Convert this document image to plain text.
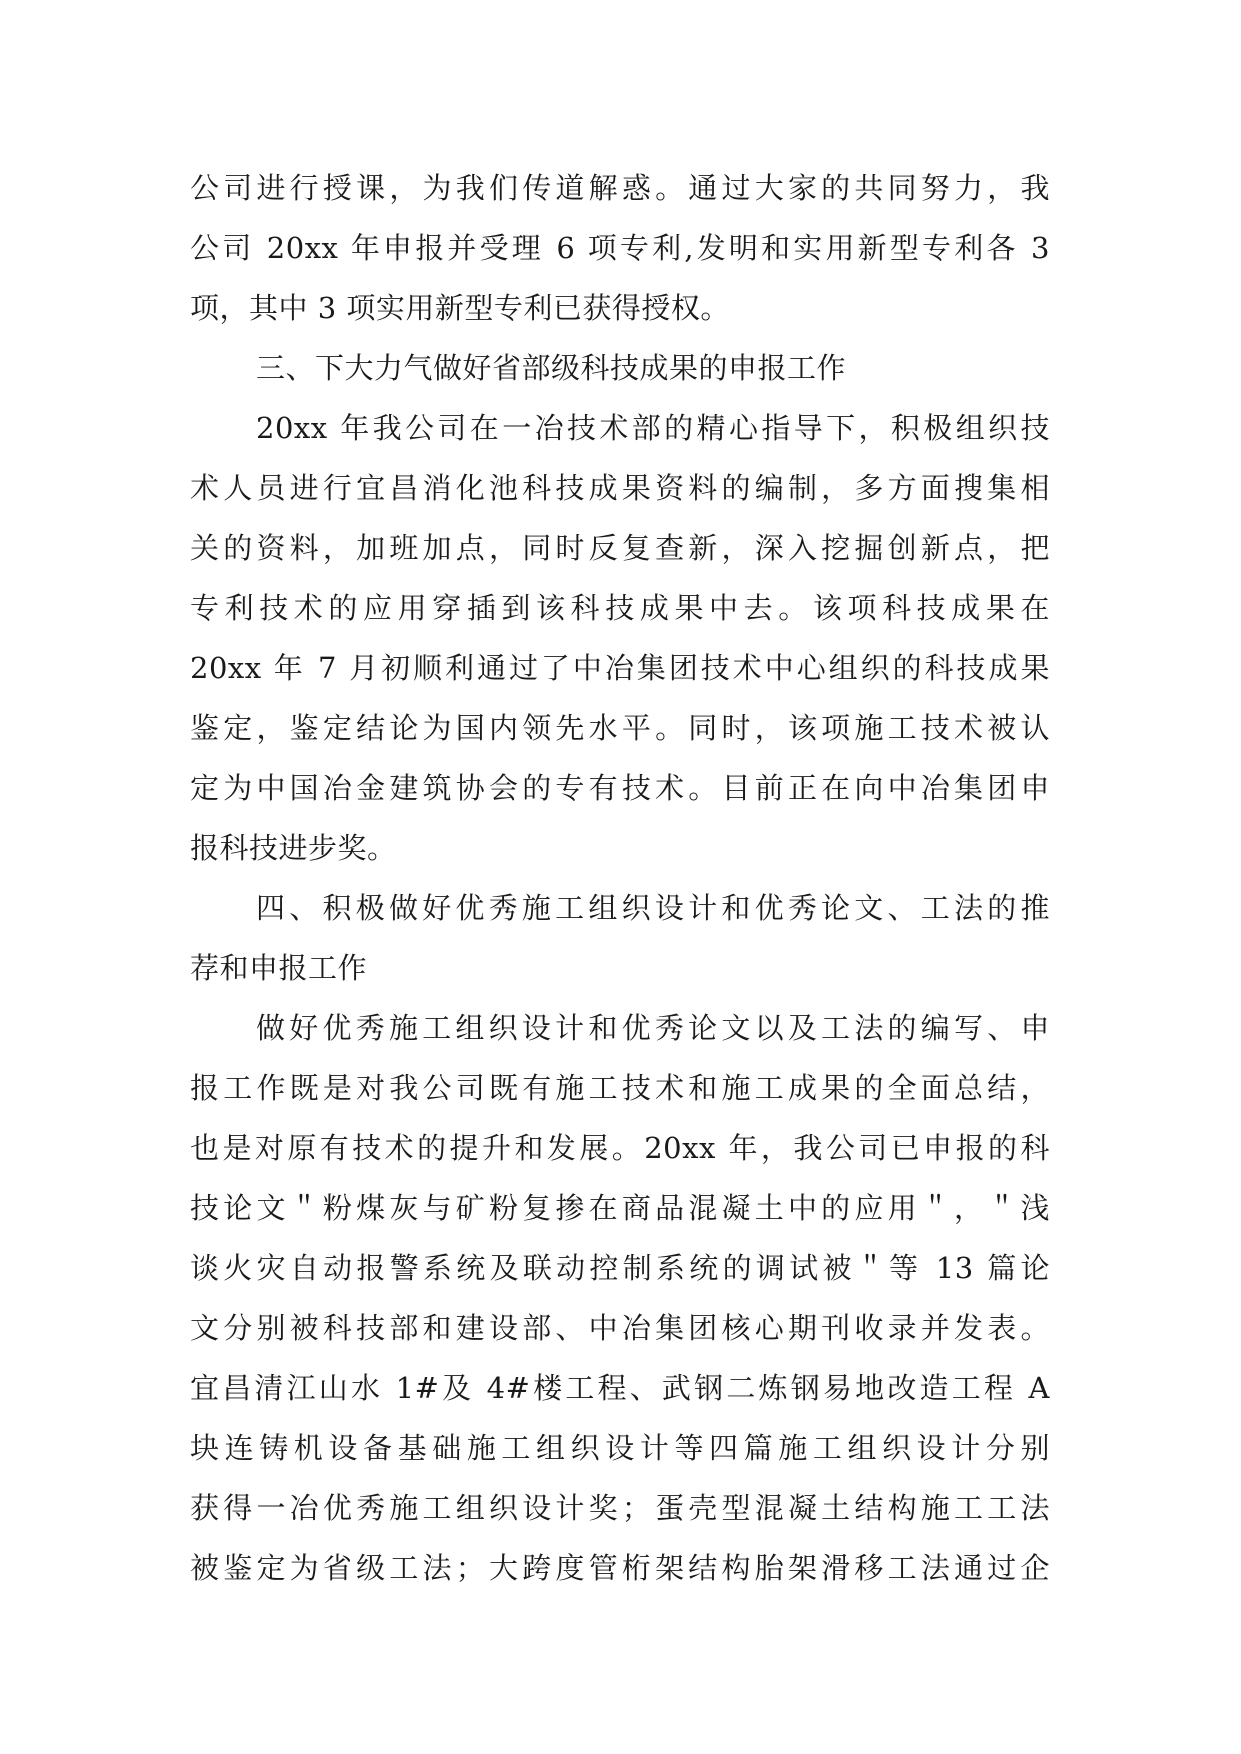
公司进行授课，为我们传道解惑。通过大家的共同努力，我
公司 20xx 年申报并受理 6 项专利,发明和实用新型专利各 3
项，其中 3 项实用新型专利已获得授权。
三、下大力气做好省部级科技成果的申报工作
20xx 年我公司在一冶技术部的精心指导下，积极组织技
术人员进行宜昌消化池科技成果资料的编制，多方面搜集相
关的资料，加班加点，同时反复查新，深入挖掘创新点，把
专利技术的应用穿插到该科技成果中去。该项科技成果在
20xx 年 7 月初顺利通过了中冶集团技术中心组织的科技成果
鉴定，鉴定结论为国内领先水平。同时，该项施工技术被认
定为中国冶金建筑协会的专有技术。目前正在向中冶集团申
报科技进步奖。
四、积极做好优秀施工组织设计和优秀论文、工法的推
荐和申报工作
做好优秀施工组织设计和优秀论文以及工法的编写、申
报工作既是对我公司既有施工技术和施工成果的全面总结，
也是对原有技术的提升和发展。20xx 年，我公司已申报的科
技论文＂粉煤灰与矿粉复掺在商品混凝土中的应用＂，＂浅
谈火灾自动报警系统及联动控制系统的调试被＂等 13 篇论
文分别被科技部和建设部、中冶集团核心期刊收录并发表。
宜昌清江山水 1#及 4#楼工程、武钢二炼钢易地改造工程 A
块连铸机设备基础施工组织设计等四篇施工组织设计分别
获得一冶优秀施工组织设计奖；蛋壳型混凝土结构施工工法
被鉴定为省级工法；大跨度管桁架结构胎架滑移工法通过企
